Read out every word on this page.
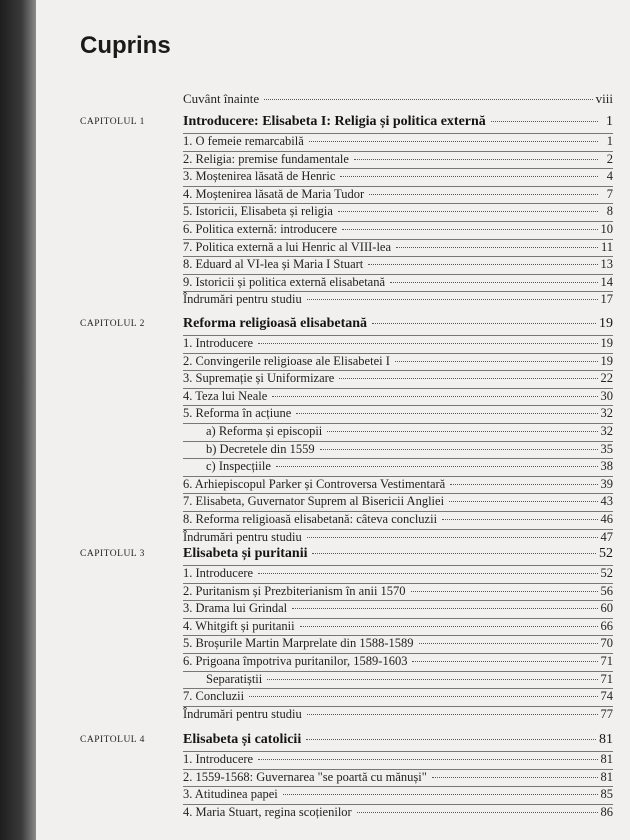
Cuprins
Cuvânt înainte	viii
CAPITOLUL 1	Introducere: Elisabeta I: Religia și politica externă	1
1. O femeie remarcabilă	1
2. Religia: premise fundamentale	2
3. Moștenirea lăsată de Henric	4
4. Moștenirea lăsată de Maria Tudor	7
5. Istoricii, Elisabeta și religia	8
6. Politica externă: introducere	10
7. Politica externă a lui Henric al VIII-lea	11
8. Eduard al VI-lea și Maria I Stuart	13
9. Istoricii și politica externă elisabetană	14
Îndrumări pentru studiu	17
CAPITOLUL 2	Reforma religioasă elisabetană	19
1. Introducere	19
2. Convingerile religioase ale Elisabetei I	19
3. Supremație și Uniformizare	22
4. Teza lui Neale	30
5. Reforma în acțiune	32
a) Reforma și episcopii	32
b) Decretele din 1559	35
c) Inspecțiile	38
6. Arhiepiscopul Parker și Controversa Vestimentară	39
7. Elisabeta, Guvernator Suprem al Bisericii Angliei	43
8. Reforma religioasă elisabetană: câteva concluzii	46
Îndrumări pentru studiu	47
CAPITOLUL 3	Elisabeta și puritanii	52
1. Introducere	52
2. Puritanism și Prezbiterianism în anii 1570	56
3. Drama lui Grindal	60
4. Whitgift și puritanii	66
5. Broșurile Martin Marprelate din 1588-1589	70
6. Prigoana împotriva puritanilor, 1589-1603	71
Separatiștii	71
7. Concluzii	74
Îndrumări pentru studiu	77
CAPITOLUL 4	Elisabeta și catolicii	81
1. Introducere	81
2. 1559-1568: Guvernarea "se poartă cu mănuși"	81
3. Atitudinea papei	85
4. Maria Stuart, regina scoțienilor	86
